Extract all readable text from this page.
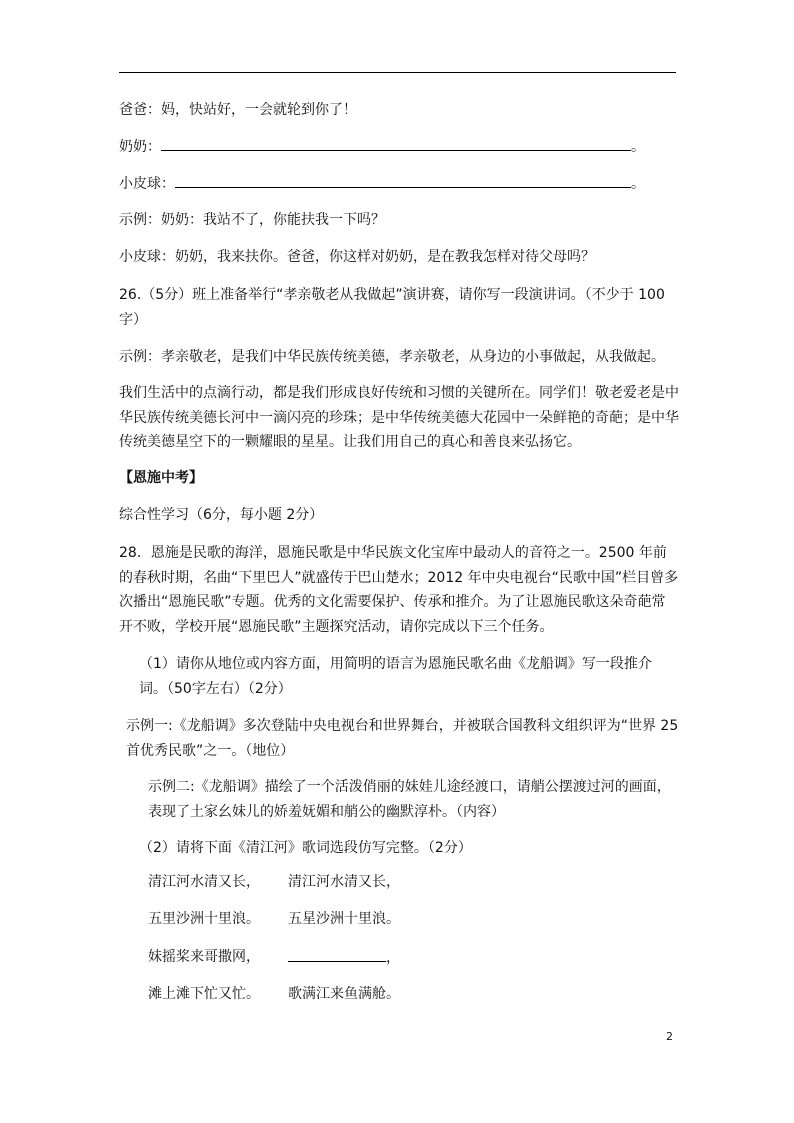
爸爸：妈，快站好，一会就轮到你了！
奶奶：	。
小皮球：	。
示例：奶奶：我站不了，你能扶我一下吗？
小皮球：奶奶，我来扶你。爸爸，你这样对奶奶，是在教我怎样对待父母吗？
26.（5分）班上准备举行“孝亲敬老从我做起”演讲赛，请你写一段演讲词。（不少于 100字）
示例：孝亲敬老，是我们中华民族传统美德，孝亲敬老，从身边的小事做起，从我做起。
我们生活中的点滴行动，都是我们形成良好传统和习惯的关键所在。同学们！敬老爱老是中华民族传统美德长河中一滴闪亮的珍珠；是中华传统美德大花园中一朵鲜艳的奇葩；是中华传统美德星空下的一颗耀眼的星星。让我们用自己的真心和善良来弘扬它。
【恩施中考】
综合性学习（6分，每小题 2分）
28．恩施是民歌的海洋，恩施民歌是中华民族文化宝库中最动人的音符之一。2500 年前的春秋时期，名曲“下里巴人”就盛传于巴山楚水；2012 年中央电视台“民歌中国”栏目曾多次播出“恩施民歌”专题。优秀的文化需要保护、传承和推介。为了让恩施民歌这朵奇葩常开不败，学校开展“恩施民歌”主题探究活动，请你完成以下三个任务。
（1）请你从地位或内容方面，用简明的语言为恩施民歌名曲《龙船调》写一段推介词。（50字左右）（2分）
示例一:《龙船调》多次登陆中央电视台和世界舞台，并被联合国教科文组织评为“世界 25首优秀民歌”之一。（地位）
示例二:《龙船调》描绘了一个活泼俏丽的妹娃儿途经渡口，请艄公摆渡过河的画面，表现了土家幺妹儿的娇羞妩媚和艄公的幽默淳朴。（内容）
（2）请将下面《清江河》歌词选段仿写完整。（2分）
清江河水清又长， 清江河水清又长，
五里沙洲十里浪。 五星沙洲十里浪。
妹摇桨来哥撒网，	，
滩上滩下忙又忙。 歌满江来鱼满舱。
2
